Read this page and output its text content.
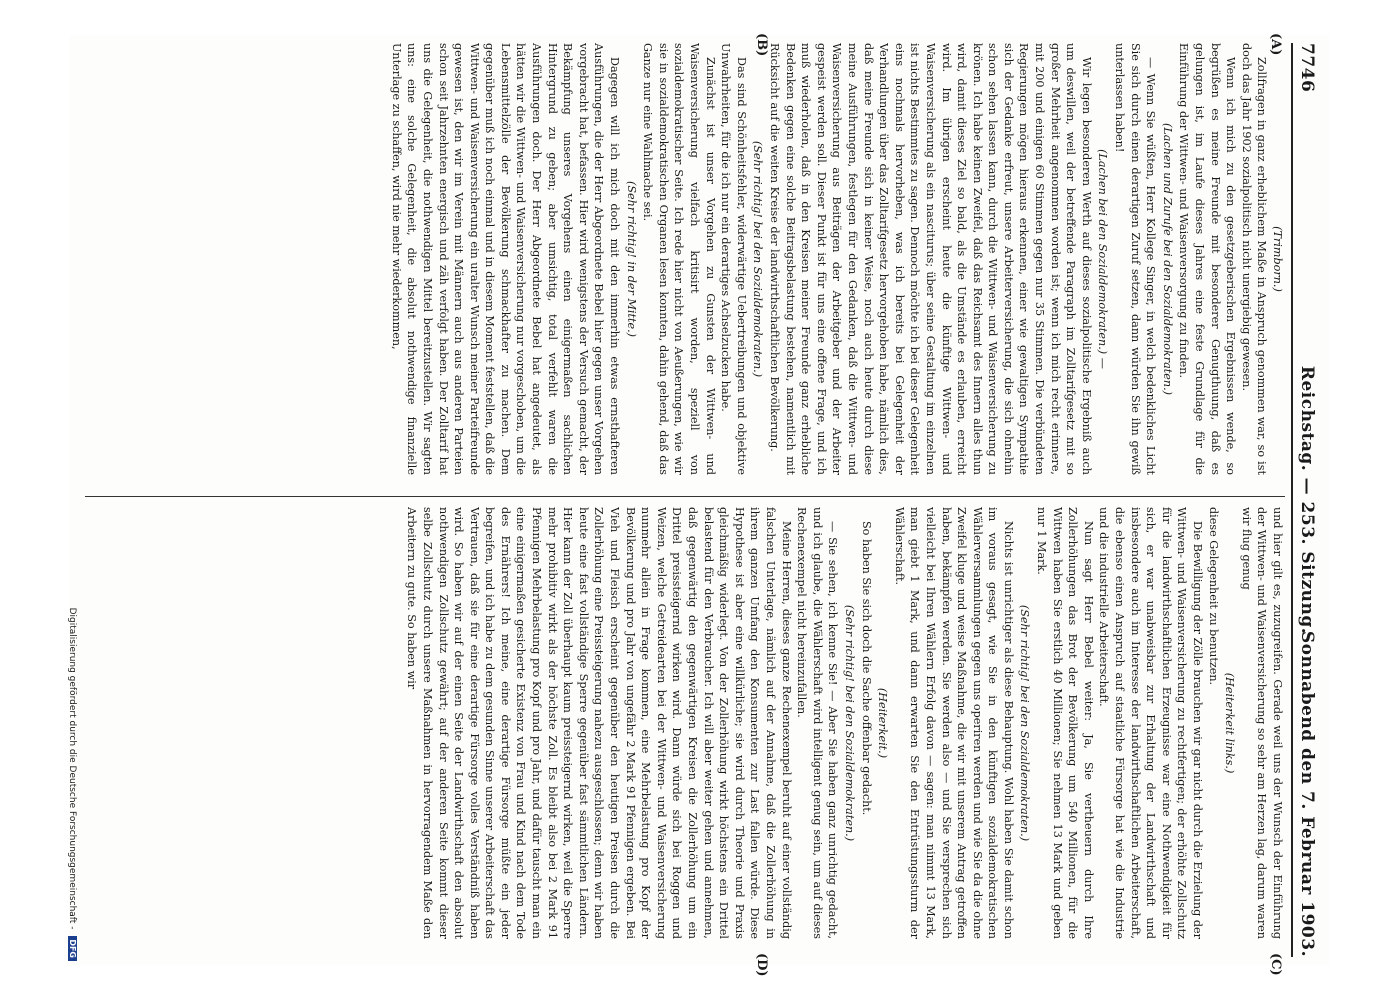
7746
Reichstag. — 253. Sitzung.
Sonnabend den 7. Februar 1903.
(A)
(B)
(C)
(D)

(Trimborn.)

Zollfragen in ganz erheblichem Maße in Anspruch genommen war, so ist doch das Jahr 1902 sozialpolitisch nicht unergiebig gewesen.

Wenn ich mich zu den gesetzgeberischen Ergebnissen wende, so begrüßen es meine Freunde mit besonderer Genugthuung, daß es gelungen ist, im Laufe dieses Jahres eine feste Grundlage für die Einführung der Wittwen- und Waisenversorgung zu finden.

(Lachen und Zurufe bei den Sozialdemokraten.)

— Wenn Sie wüßten, Herr Kollege Singer, in welch bedenkliches Licht Sie sich durch einen derartigen Zuruf setzen, dann würden Sie ihn gewiß unterlassen haben!

(Lachen bei den Sozialdemokraten.) —

Wir legen besonderen Werth auf dieses sozialpolitische Ergebniß auch um deswillen, weil der betreffende Paragraph im Zolltarifgesetz mit so großer Mehrheit angenommen worden ist; wenn ich mich recht erinnere, mit 200 und einigen 60 Stimmen gegen nur 35 Stimmen. Die verbündeten Regierungen mögen hieraus erkennen, einer wie gewaltigen Sympathie sich der Gedanke erfreut, unsere Arbeiterversicherung, die sich ohnehin schon sehen lassen kann, durch die Wittwen- und Waisenversicherung zu krönen. Ich habe keinen Zweifel, daß das Reichsamt des Innern alles thun wird, damit dieses Ziel so bald, als die Umstände es erlauben, erreicht wird. Im übrigen erscheint heute die künftige Wittwen- und Waisenversicherung als ein nasciturus; über seine Gestaltung im einzelnen ist nichts Bestimmtes zu sagen. Dennoch möchte ich bei dieser Gelegenheit eins nochmals hervorheben, was ich bereits bei Gelegenheit der Verhandlungen über das Zolltarifgesetz hervorgehoben habe, nämlich dies, daß meine Freunde sich in keiner Weise, noch auch heute durch diese meine Ausführungen, festlegen für den Gedanken, daß die Wittwen- und Waisenversicherung aus Beiträgen der Arbeitgeber und der Arbeiter gespeist werden soll. Dieser Punkt ist für uns eine offene Frage, und ich muß wiederholen, daß in den Kreisen meiner Freunde ganz erhebliche Bedenken gegen eine solche Beitragsbelastung bestehen, namentlich mit Rücksicht auf die weiten Kreise der landwirthschaftlichen Bevölkerung.

(Sehr richtig! bei den Sozialdemokraten.)

Das sind Schönheitsfehler, widerwärtige Uebertreibungen und objektive Unwahrheiten, für die ich nur ein derartiges Achselzucken habe.

Zunächst ist unser Vorgehen zu Gunsten der Wittwen- und Waisenversicherung vielfach kritisirt worden, speziell von sozialdemokratischer Seite. Ich rede hier nicht von Aeußerungen, wie wir sie in sozialdemokratischen Organen lesen konnten, dahin gehend, daß das Ganze nur eine Wahlmache sei.

(Sehr richtig! in der Mitte.)

Dagegen will ich mich doch mit den immerhin etwas ernsthafteren Ausführungen, die der Herr Abgeordnete Bebel hier gegen unser Vorgehen vorgebracht hat, befassen. Hier wird wenigstens der Versuch gemacht, der Bekämpfung unseres Vorgehens einen einigermaßen sachlichen Hintergrund zu geben; aber umsichtig, total verfehlt waren die Ausführungen doch. Der Herr Abgeordnete Bebel hat angedeutet, als hätten wir die Wittwen- und Waisenversicherung nur vorgeschoben, um die Lebensmittelzölle der Bevölkerung schmackhafter zu machen. Dem gegenüber muß ich noch einmal und in diesem Moment feststellen, daß die Wittwen- und Waisenversicherung ein uralter Wunsch meiner Parteifreunde gewesen ist, den wir im Verein mit Männern auch aus anderen Parteien schon seit Jahrzehnten energisch und zäh verfolgt haben. Der Zolltarif hat uns die Gelegenheit, die nothwendigen Mittel bereitzustellen. Wir sagten uns: eine solche Gelegenheit, die absolut nothwendige finanzielle Unterlage zu schaffen, wird nie mehr wiederkommen,

und hier gilt es, zuzugreifen. Gerade weil uns der Wunsch der Einführung der Wittwen- und Waisenversicherung so sehr am Herzen lag, darum waren wir flug genug

(Heiterkeit links.)

diese Gelegenheit zu benutzen.

Die Bewilligung der Zölle brauchen wir gar nicht durch die Erzielung der Wittwen- und Waisenversicherung zu rechtfertigen; der erhöhte Zollschutz für die landwirthschaftlichen Erzeugnisse war eine Nothwendigkeit für sich, er war unabweisbar zur Erhaltung der Landwirthschaft und insbesondere auch im Interesse der landwirthschaftlichen Arbeiterschaft, die ebenso einen Anspruch auf staatliche Fürsorge hat wie die Industrie und die industrielle Arbeiterschaft.

Nun sagt Herr Bebel weiter: Ja, Sie vertheuern durch Ihre Zollerhöhungen das Brot der Bevölkerung um 540 Millionen, für die Wittwen haben Sie erstlich 40 Millionen; Sie nehmen 13 Mark und geben nur 1 Mark.

(Sehr richtig! bei den Sozialdemokraten.)

Nichts ist unrichtiger als diese Behauptung. Wohl haben Sie damit schon im voraus gesagt, wie Sie in den künftigen sozialdemokratischen Wählerversammlungen gegen uns operiren werden und wie Sie da die ohne Zweifel kluge und weise Maßnahme, die wir mit unserem Antrag getroffen haben, bekämpfen werden. Sie werden also — und Sie versprechen sich vielleicht bei Ihren Wählern Erfolg davon — sagen: man nimmt 13 Mark, man giebt 1 Mark, und dann erwarten Sie den Entrüstungssturm der Wählerschaft.

(Heiterkeit.)

So haben Sie sich doch die Sache offenbar gedacht.

(Sehr richtig! bei den Sozialdemokraten.)

— Sie sehen, ich kenne Sie! — Aber Sie haben ganz unrichtig gedacht, und ich glaube, die Wählerschaft wird intelligent genug sein, um auf dieses Rechenexempel nicht hereinzufallen.

Meine Herren, dieses ganze Rechenexempel beruht auf einer vollständig falschen Unterlage, nämlich auf der Annahme, daß die Zollerhöhung in ihrem ganzen Umfang den Konsumenten zur Last fallen würde. Diese Hypothese ist aber eine willkürliche; sie wird durch Theorie und Praxis gleichmäßig widerlegt. Von der Zollerhöhung wirkt höchstens ein Drittel belastend für den Verbraucher. Ich will aber weiter gehen und annehmen, daß gegenwärtig den gegenwärtigen Kreisen die Zollerhöhung um ein Drittel preissteigernd wirken wird. Dann würde sich bei Roggen und Weizen, welche Getreidearten bei der Wittwen- und Waisenversicherung nunmehr allein in Frage kommen, eine Mehrbelastung pro Kopf der Bevölkerung und pro Jahr von ungefähr 2 Mark 91 Pfennigen ergeben. Bei Vieh und Fleisch erscheint gegenüber den heutigen Preisen durch die Zollerhöhung eine Preissteigerung nahezu ausgeschlossen; denn wir haben heute eine fast vollständige Sperre gegenüber fast sämmtlichen Ländern. Hier kann der Zoll überhaupt kaum preissteigernd wirken, weil die Sperre mehr prohibitiv wirkt als der höchste Zoll. Es bleibt also bei 2 Mark 91 Pfennigen Mehrbelastung pro Kopf und pro Jahr, und dafür tauscht man ein eine einigermaßen gesicherte Existenz von Frau und Kind nach dem Tode des Ernährers! Ich meine, eine derartige Fürsorge müßte ein jeder begreifen, und ich habe zu dem gesunden Sinne unserer Arbeiterschaft das Vertrauen, daß sie für eine derartige Fürsorge volles Verständniß haben wird. So haben wir auf der einen Seite der Landwirthschaft den absolut nothwendigen Zollschutz gewährt; auf der anderen Seite kommt dieser selbe Zollschutz durch unsere Maßnahmen in hervorragendem Maße den Arbeitern zu gute. So haben wir

Digitalisierung gefördert durch die Deutsche Forschungsgemeinschaft - DFG
